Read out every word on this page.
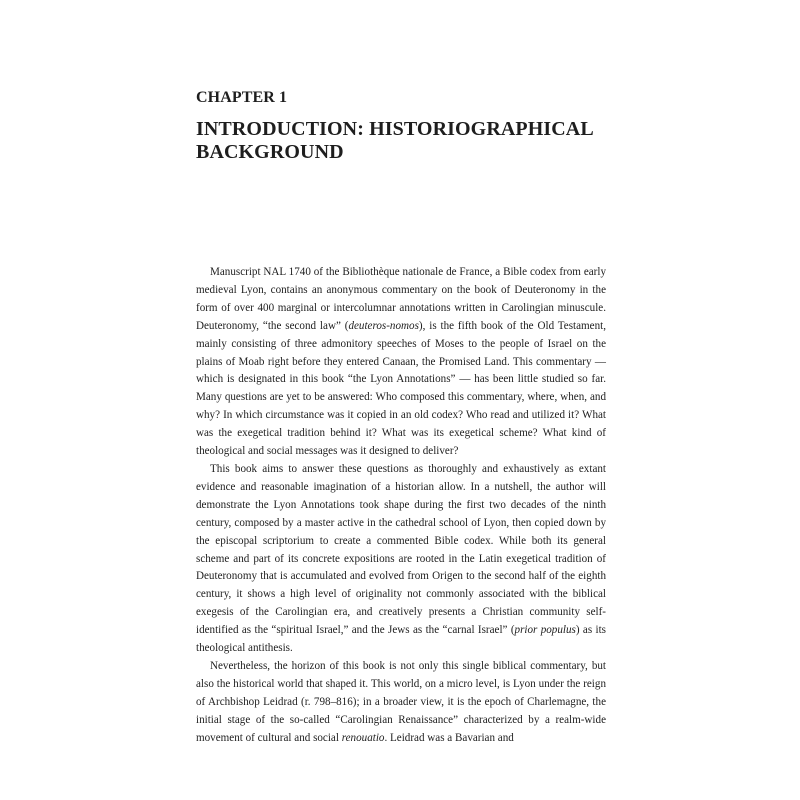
CHAPTER 1
INTRODUCTION: HISTORIOGRAPHICAL
BACKGROUND

Manuscript NAL 1740 of the Bibliothèque nationale de France, a Bible codex from early medieval Lyon, contains an anonymous commentary on the book of Deuteronomy in the form of over 400 marginal or intercolumnar annotations written in Carolingian minuscule. Deuteronomy, “the second law” (deuteros-nomos), is the fifth book of the Old Testament, mainly consisting of three admonitory speeches of Moses to the people of Israel on the plains of Moab right before they entered Canaan, the Promised Land. This commentary — which is designated in this book “the Lyon Annotations” — has been little studied so far. Many questions are yet to be answered: Who composed this commentary, where, when, and why? In which circumstance was it copied in an old codex? Who read and utilized it? What was the exegetical tradition behind it? What was its exegetical scheme? What kind of theological and social messages was it designed to deliver?

This book aims to answer these questions as thoroughly and exhaustively as extant evidence and reasonable imagination of a historian allow. In a nutshell, the author will demonstrate the Lyon Annotations took shape during the first two decades of the ninth century, composed by a master active in the cathedral school of Lyon, then copied down by the episcopal scriptorium to create a commented Bible codex. While both its general scheme and part of its concrete expositions are rooted in the Latin exegetical tradition of Deuteronomy that is accumulated and evolved from Origen to the second half of the eighth century, it shows a high level of originality not commonly associated with the biblical exegesis of the Carolingian era, and creatively presents a Christian community self-identified as the “spiritual Israel,” and the Jews as the “carnal Israel” (prior populus) as its theological antithesis.

Nevertheless, the horizon of this book is not only this single biblical commentary, but also the historical world that shaped it. This world, on a micro level, is Lyon under the reign of Archbishop Leidrad (r. 798–816); in a broader view, it is the epoch of Charlemagne, the initial stage of the so-called “Carolingian Renaissance” characterized by a realm-wide movement of cultural and social renouatio. Leidrad was a Bavarian and
